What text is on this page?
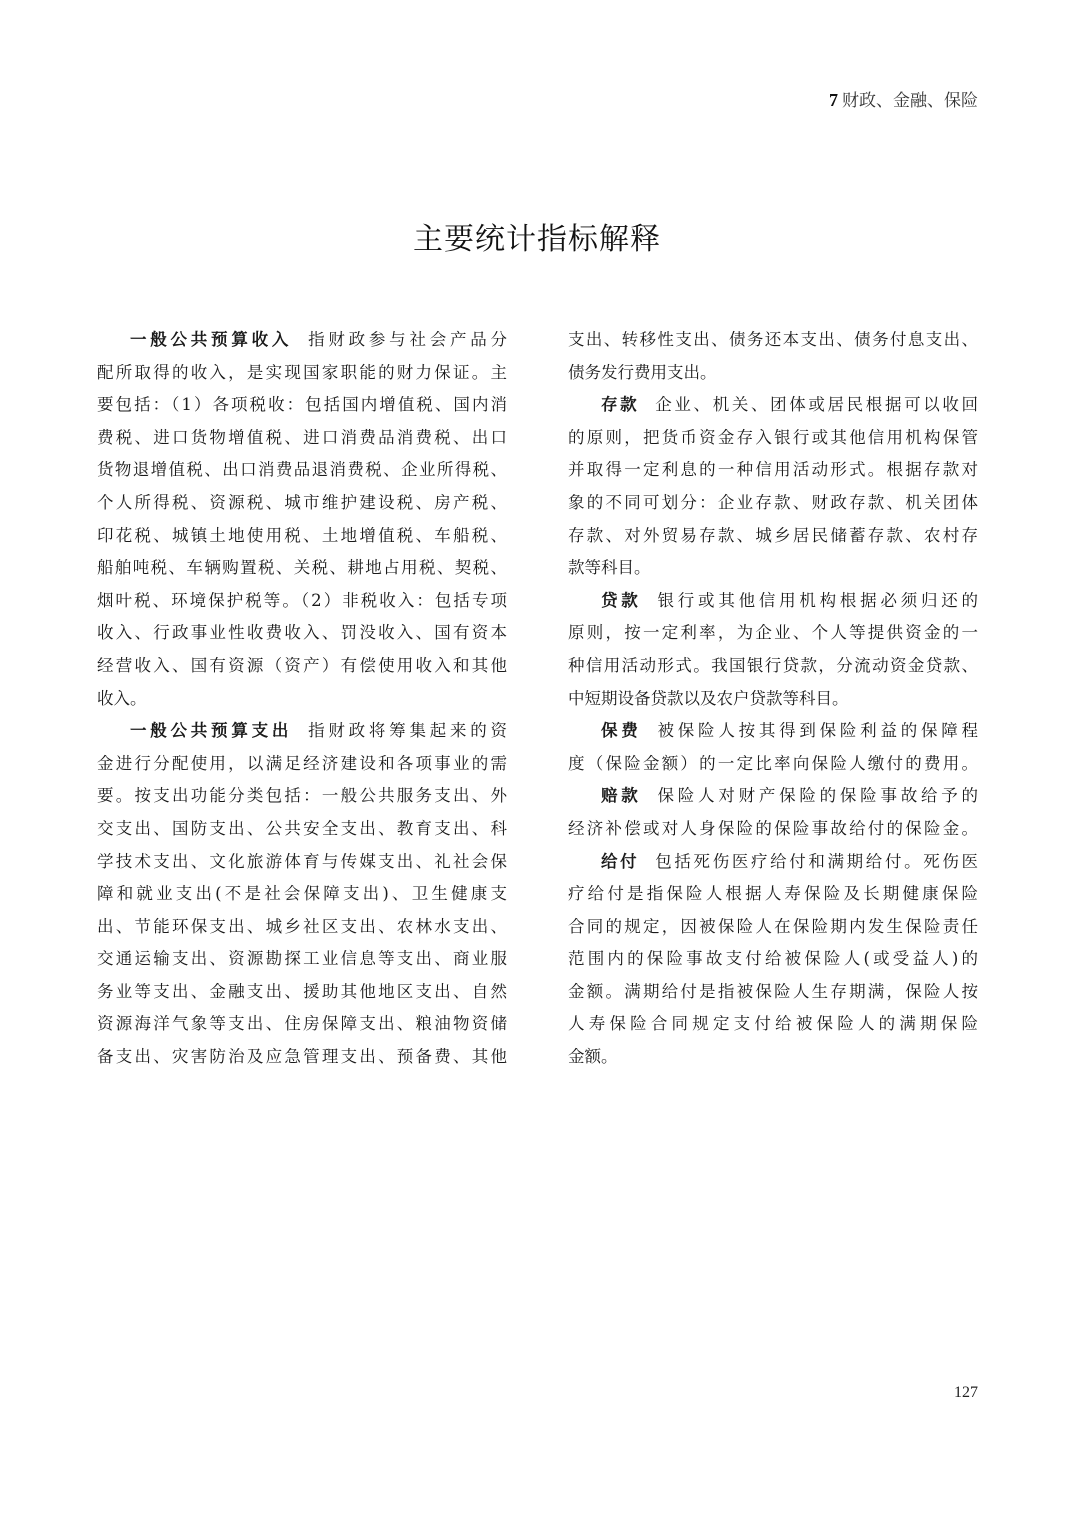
7 财政、金融、保险
主要统计指标解释
一般公共预算收入 指财政参与社会产品分
配所取得的收入，是实现国家职能的财力保证。主
要包括：（1）各项税收：包括国内增值税、国内消
费税、进口货物增值税、进口消费品消费税、出口
货物退增值税、出口消费品退消费税、企业所得税、
个人所得税、资源税、城市维护建设税、房产税、
印花税、城镇土地使用税、土地增值税、车船税、
船舶吨税、车辆购置税、关税、耕地占用税、契税、
烟叶税、环境保护税等。（2）非税收入：包括专项
收入、行政事业性收费收入、罚没收入、国有资本
经营收入、国有资源（资产）有偿使用收入和其他
收入。
一般公共预算支出 指财政将筹集起来的资
金进行分配使用，以满足经济建设和各项事业的需
要。按支出功能分类包括：一般公共服务支出、外
交支出、国防支出、公共安全支出、教育支出、科
学技术支出、文化旅游体育与传媒支出、礼社会保
障和就业支出(不是社会保障支出)、卫生健康支
出、节能环保支出、城乡社区支出、农林水支出、
交通运输支出、资源勘探工业信息等支出、商业服
务业等支出、金融支出、援助其他地区支出、自然
资源海洋气象等支出、住房保障支出、粮油物资储
备支出、灾害防治及应急管理支出、预备费、其他
支出、转移性支出、债务还本支出、债务付息支出、
债务发行费用支出。
存款 企业、机关、团体或居民根据可以收回
的原则，把货币资金存入银行或其他信用机构保管
并取得一定利息的一种信用活动形式。根据存款对
象的不同可划分：企业存款、财政存款、机关团体
存款、对外贸易存款、城乡居民储蓄存款、农村存
款等科目。
贷款 银行或其他信用机构根据必须归还的
原则，按一定利率，为企业、个人等提供资金的一
种信用活动形式。我国银行贷款，分流动资金贷款、
中短期设备贷款以及农户贷款等科目。
保费 被保险人按其得到保险利益的保障程
度（保险金额）的一定比率向保险人缴付的费用。
赔款 保险人对财产保险的保险事故给予的
经济补偿或对人身保险的保险事故给付的保险金。
给付 包括死伤医疗给付和满期给付。死伤医
疗给付是指保险人根据人寿保险及长期健康保险
合同的规定，因被保险人在保险期内发生保险责任
范围内的保险事故支付给被保险人(或受益人)的
金额。满期给付是指被保险人生存期满，保险人按
人寿保险合同规定支付给被保险人的满期保险
金额。
127
